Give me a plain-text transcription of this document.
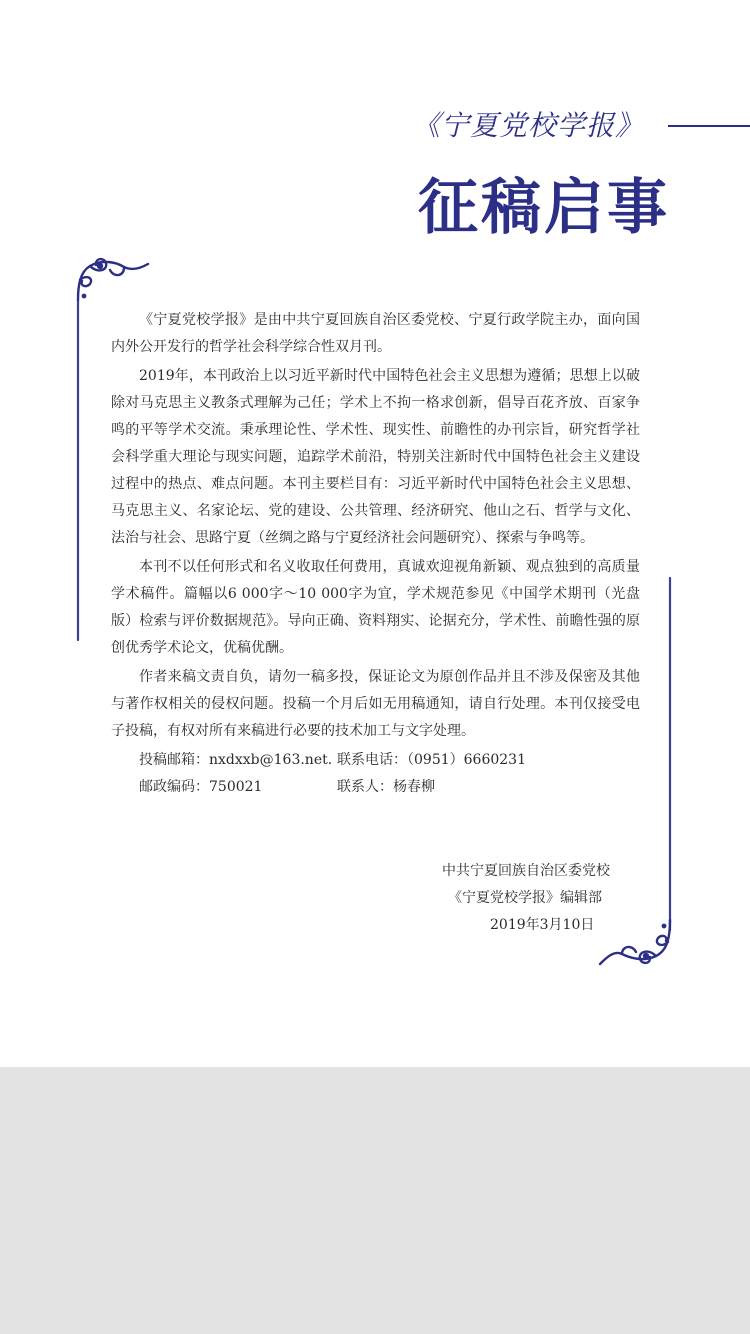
《宁夏党校学报》
征稿启事

《宁夏党校学报》是由中共宁夏回族自治区委党校、宁夏行政学院主办，面向国内外公开发行的哲学社会科学综合性双月刊。

2019年，本刊政治上以习近平新时代中国特色社会主义思想为遵循；思想上以破除对马克思主义教条式理解为己任；学术上不拘一格求创新，倡导百花齐放、百家争鸣的平等学术交流。秉承理论性、学术性、现实性、前瞻性的办刊宗旨，研究哲学社会科学重大理论与现实问题，追踪学术前沿，特别关注新时代中国特色社会主义建设过程中的热点、难点问题。本刊主要栏目有：习近平新时代中国特色社会主义思想、马克思主义、名家论坛、党的建设、公共管理、经济研究、他山之石、哲学与文化、法治与社会、思路宁夏（丝绸之路与宁夏经济社会问题研究）、探索与争鸣等。

本刊不以任何形式和名义收取任何费用，真诚欢迎视角新颖、观点独到的高质量学术稿件。篇幅以6 000字～10 000字为宜，学术规范参见《中国学术期刊（光盘版）检索与评价数据规范》。导向正确、资料翔实、论据充分，学术性、前瞻性强的原创优秀学术论文，优稿优酬。

作者来稿文责自负，请勿一稿多投，保证论文为原创作品并且不涉及保密及其他与著作权相关的侵权问题。投稿一个月后如无用稿通知，请自行处理。本刊仅接受电子投稿，有权对所有来稿进行必要的技术加工与文字处理。

投稿邮箱：nxdxxb@163.net. 联系电话：（0951）6660231
邮政编码：750021	联系人：杨春柳
中共宁夏回族自治区委党校
《宁夏党校学报》编辑部
2019年3月10日
